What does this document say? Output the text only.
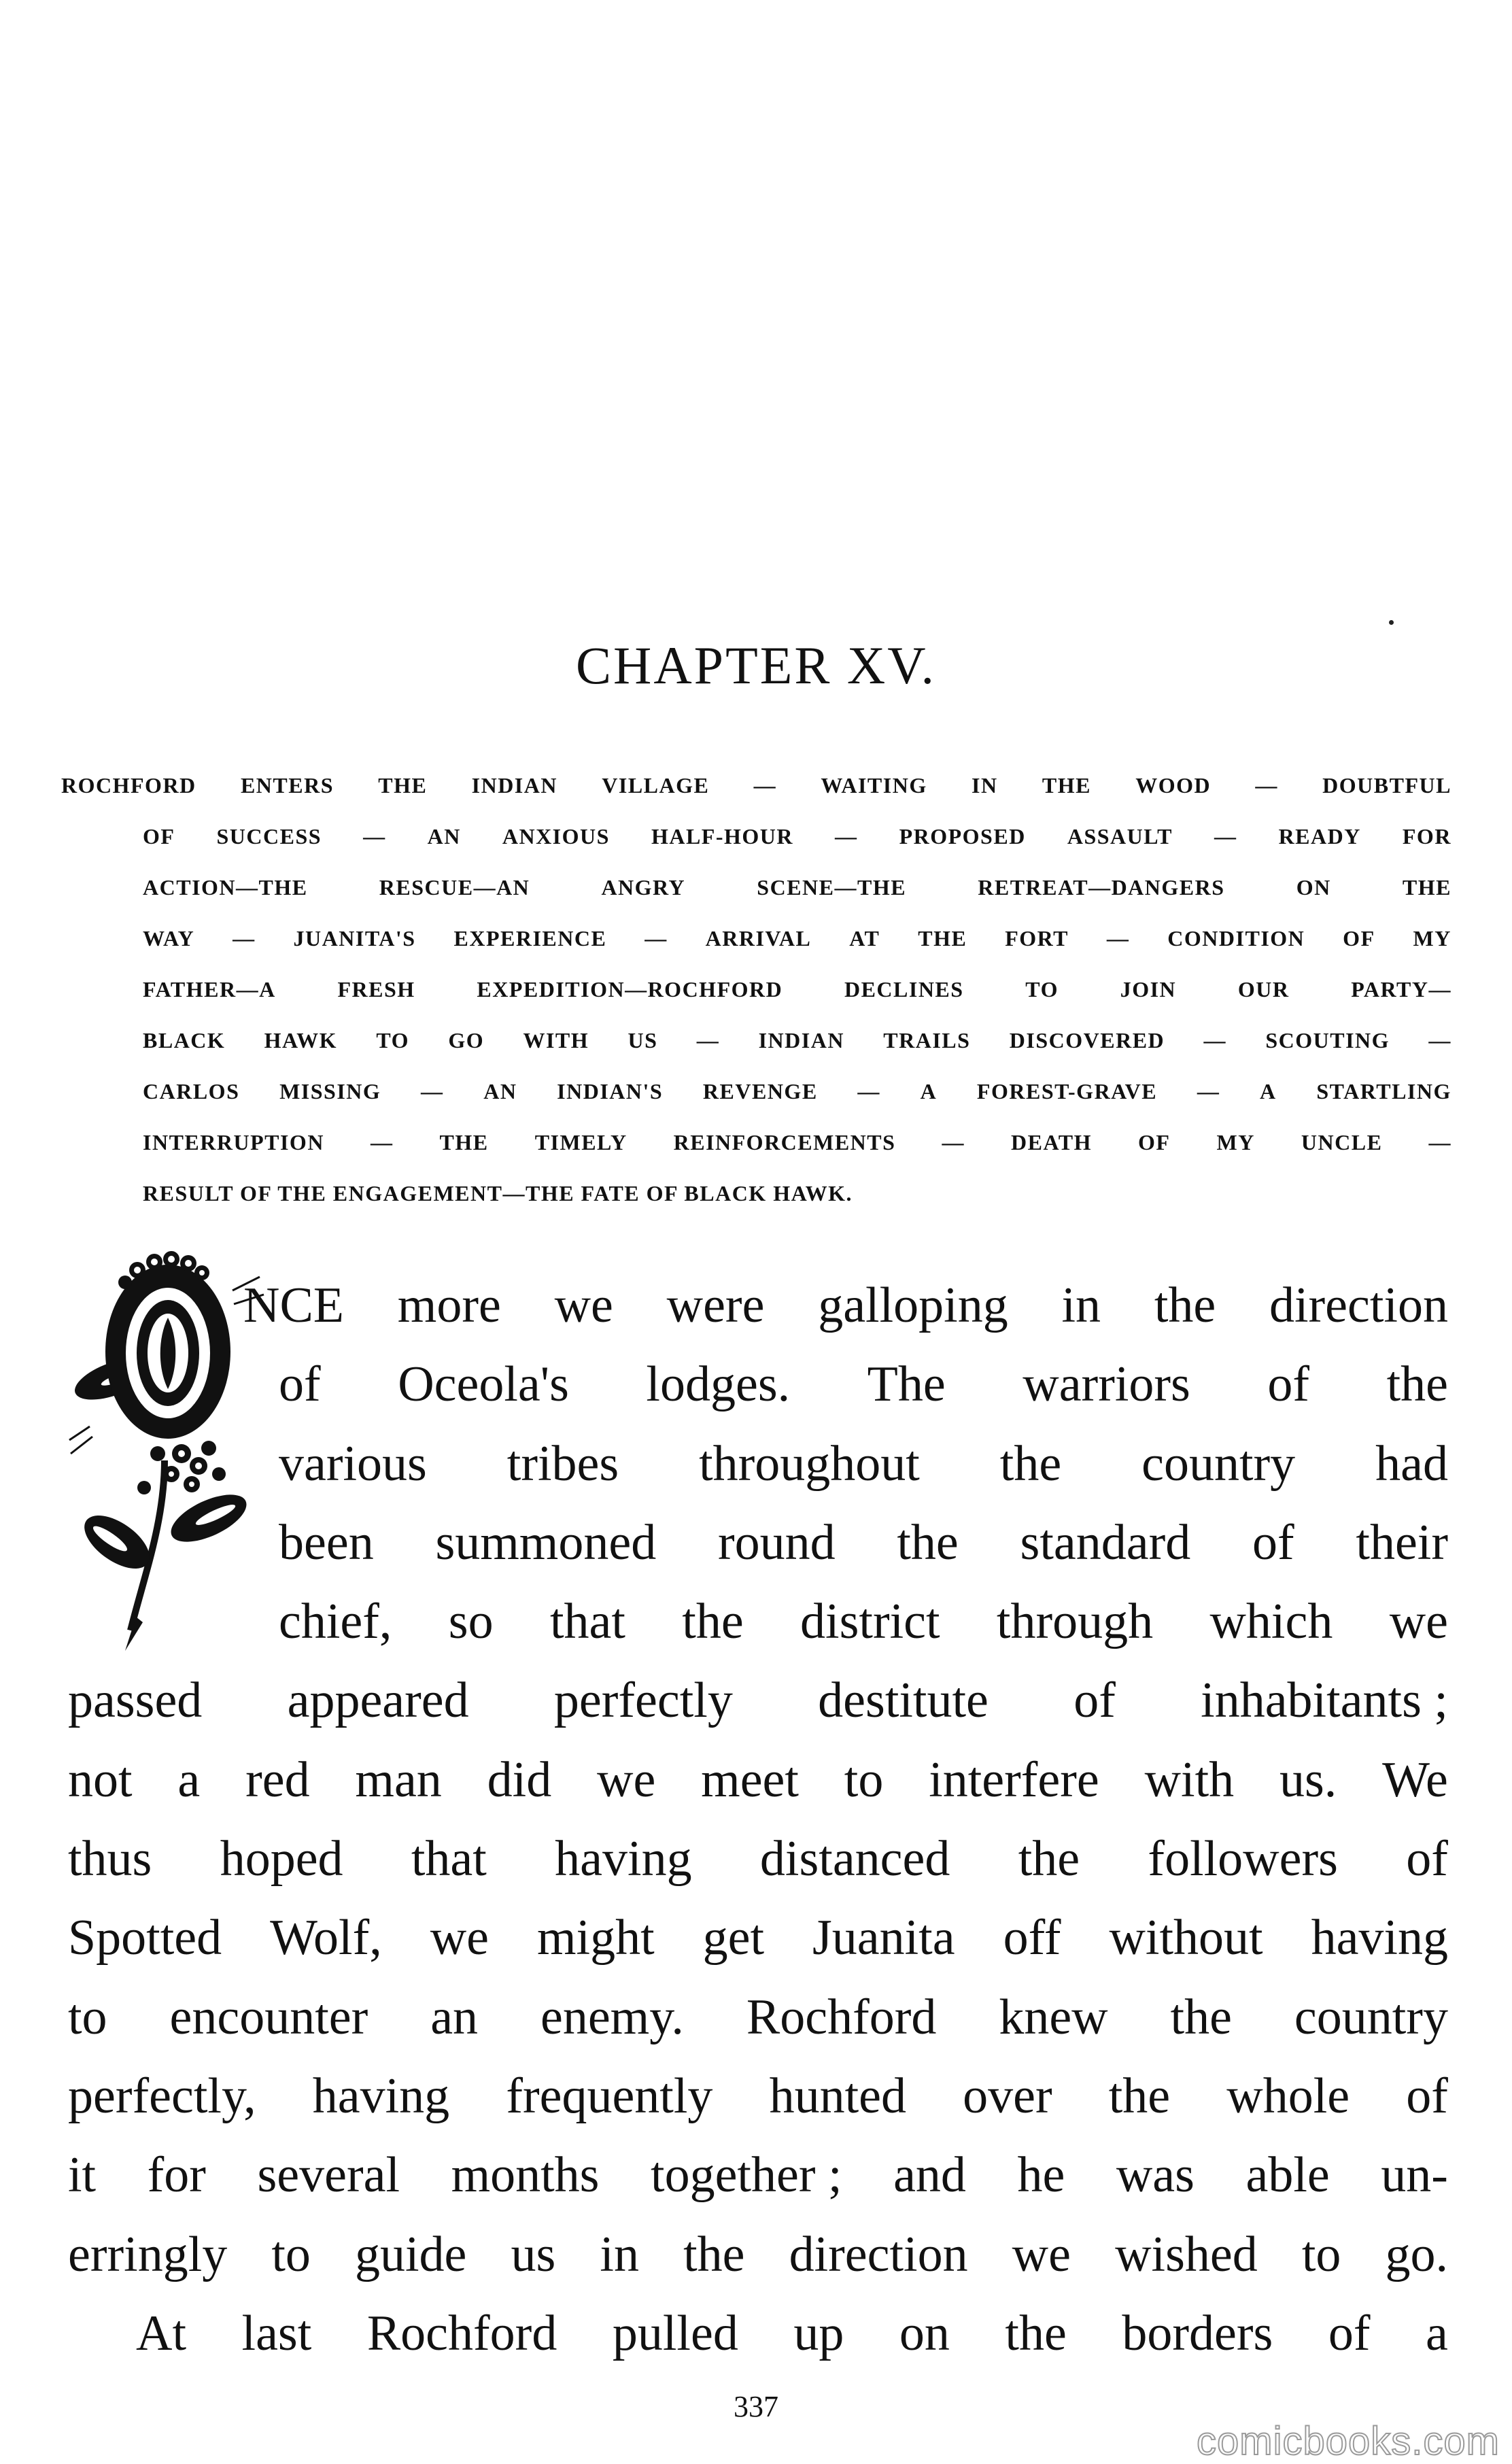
CHAPTER XV.
ROCHFORD ENTERS THE INDIAN VILLAGE — WAITING IN THE WOOD — DOUBTFUL
OF SUCCESS — AN ANXIOUS HALF-HOUR — PROPOSED ASSAULT — READY FOR
ACTION—THE	RESCUE—AN	ANGRY	SCENE—THE	RETREAT—DANGERS	ON	THE
WAY — JUANITA'S EXPERIENCE — ARRIVAL AT THE FORT — CONDITION OF MY
FATHER—A	FRESH	EXPEDITION—ROCHFORD	DECLINES	TO	JOIN	OUR	PARTY—
BLACK HAWK TO GO WITH US — INDIAN TRAILS DISCOVERED — SCOUTING —
CARLOS MISSING — AN INDIAN'S REVENGE — A FOREST-GRAVE — A STARTLING
INTERRUPTION — THE TIMELY REINFORCEMENTS — DEATH OF MY UNCLE —
RESULT OF THE ENGAGEMENT—THE FATE OF BLACK HAWK.
NCE more we were galloping in the direction
of Oceola's lodges. The warriors of the
various tribes throughout the country had
been summoned round the standard of their
chief, so that the district through which we
passed appeared perfectly destitute of inhabitants ;
not a red man did we meet to interfere with us. We
thus hoped that having distanced the followers of
Spotted Wolf, we might get Juanita off without having
to encounter an enemy. Rochford knew the country
perfectly, having frequently hunted over the whole of
it for several months together ; and he was able un-
erringly to guide us in the direction we wished to go.
At last Rochford pulled up on the borders of a
337
comicbooks.com
